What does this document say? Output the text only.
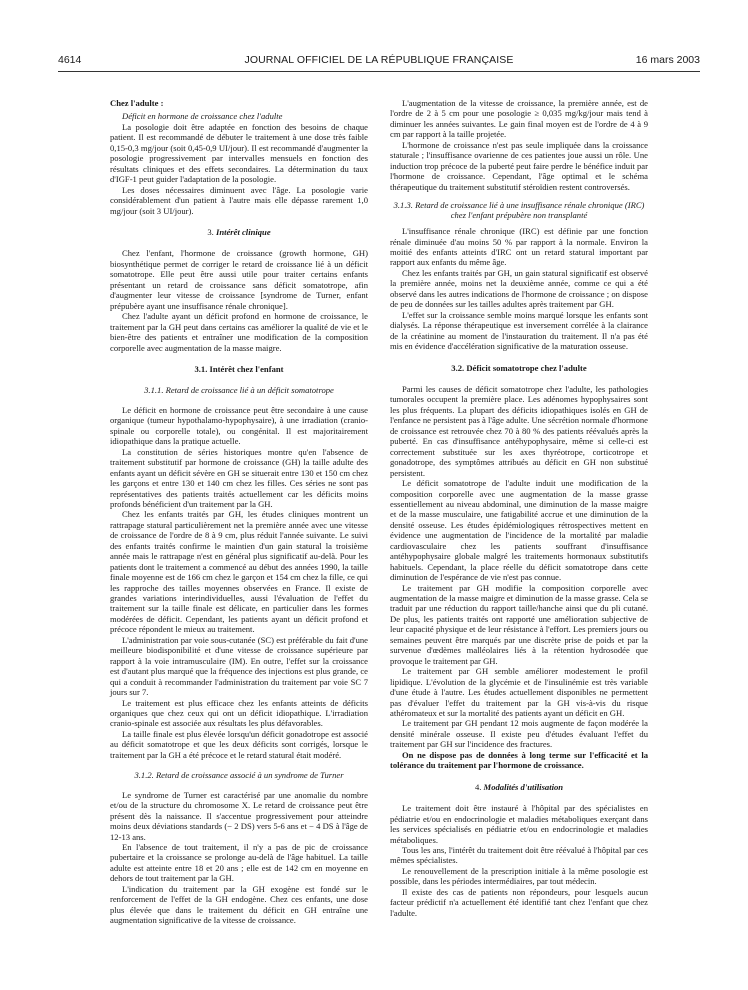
4614	JOURNAL OFFICIEL DE LA RÉPUBLIQUE FRANÇAISE	16 mars 2003

Chez l'adulte :

Déficit en hormone de croissance chez l'adulte

La posologie doit être adaptée en fonction des besoins de chaque patient. Il est recommandé de débuter le traitement à une dose très faible 0,15-0,3 mg/jour (soit 0,45-0,9 UI/jour). Il est recommandé d'augmenter la posologie progressivement par intervalles mensuels en fonction des résultats cliniques et des effets secondaires. La détermination du taux d'IGF-1 peut guider l'adaptation de la posologie.

Les doses nécessaires diminuent avec l'âge. La posologie varie considérablement d'un patient à l'autre mais elle dépasse rarement 1,0 mg/jour (soit 3 UI/jour).

3. Intérêt clinique

Chez l'enfant, l'hormone de croissance (growth hormone, GH) biosynthétique permet de corriger le retard de croissance lié à un déficit somatotrope. Elle peut être aussi utile pour traiter certains enfants présentant un retard de croissance sans déficit somatotrope, afin d'augmenter leur vitesse de croissance [syndrome de Turner, enfant prépubère ayant une insuffisance rénale chronique].

Chez l'adulte ayant un déficit profond en hormone de croissance, le traitement par la GH peut dans certains cas améliorer la qualité de vie et le bien-être des patients et entraîner une modification de la composition corporelle avec augmentation de la masse maigre.

3.1. Intérêt chez l'enfant

3.1.1. Retard de croissance lié à un déficit somatotrope

Le déficit en hormone de croissance peut être secondaire à une cause organique (tumeur hypothalamo-hypophysaire), à une irradiation (cranio-spinale ou corporelle totale), ou congénital. Il est majoritairement idiopathique dans la pratique actuelle.

La constitution de séries historiques montre qu'en l'absence de traitement substitutif par hormone de croissance (GH) la taille adulte des enfants ayant un déficit sévère en GH se situerait entre 130 et 150 cm chez les garçons et entre 130 et 140 cm chez les filles. Ces séries ne sont pas représentatives des patients traités actuellement car les déficits moins profonds bénéficient d'un traitement par la GH.

Chez les enfants traités par GH, les études cliniques montrent un rattrapage statural particulièrement net la première année avec une vitesse de croissance de l'ordre de 8 à 9 cm, plus réduit l'année suivante. Le suivi des enfants traités confirme le maintien d'un gain statural la troisième année mais le rattrapage n'est en général plus significatif au-delà. Pour les patients dont le traitement a commencé au début des années 1990, la taille finale moyenne est de 166 cm chez le garçon et 154 cm chez la fille, ce qui les rapproche des tailles moyennes observées en France. Il existe de grandes variations interindividuelles, aussi l'évaluation de l'effet du traitement sur la taille finale est délicate, en particulier dans les formes modérées de déficit. Cependant, les patients ayant un déficit profond et précoce répondent le mieux au traitement.

L'administration par voie sous-cutanée (SC) est préférable du fait d'une meilleure biodisponibilité et d'une vitesse de croissance supérieure par rapport à la voie intramusculaire (IM). En outre, l'effet sur la croissance est d'autant plus marqué que la fréquence des injections est plus grande, ce qui a conduit à recommander l'administration du traitement par voie SC 7 jours sur 7.

Le traitement est plus efficace chez les enfants atteints de déficits organiques que chez ceux qui ont un déficit idiopathique. L'irradiation cranio-spinale est associée aux résultats les plus défavorables.

La taille finale est plus élevée lorsqu'un déficit gonadotrope est associé au déficit somatotrope et que les deux déficits sont corrigés, lorsque le traitement par la GH a été précoce et le retard statural était modéré.

3.1.2. Retard de croissance associé à un syndrome de Turner

Le syndrome de Turner est caractérisé par une anomalie du nombre et/ou de la structure du chromosome X. Le retard de croissance peut être présent dès la naissance. Il s'accentue progressivement pour atteindre moins deux déviations standards (− 2 DS) vers 5-6 ans et − 4 DS à l'âge de 12-13 ans.

En l'absence de tout traitement, il n'y a pas de pic de croissance pubertaire et la croissance se prolonge au-delà de l'âge habituel. La taille adulte est atteinte entre 18 et 20 ans ; elle est de 142 cm en moyenne en dehors de tout traitement par la GH.

L'indication du traitement par la GH exogène est fondé sur le renforcement de l'effet de la GH endogène. Chez ces enfants, une dose plus élevée que dans le traitement du déficit en GH entraîne une augmentation significative de la vitesse de croissance.

L'augmentation de la vitesse de croissance, la première année, est de l'ordre de 2 à 5 cm pour une posologie ≥ 0,035 mg/kg/jour mais tend à diminuer les années suivantes. Le gain final moyen est de l'ordre de 4 à 9 cm par rapport à la taille projetée.

L'hormone de croissance n'est pas seule impliquée dans la croissance staturale ; l'insuffisance ovarienne de ces patientes joue aussi un rôle. Une induction trop précoce de la puberté peut faire perdre le bénéfice induit par l'hormone de croissance. Cependant, l'âge optimal et le schéma thérapeutique du traitement substitutif stéroïdien restent controversés.

3.1.3. Retard de croissance lié à une insuffisance rénale chronique (IRC) chez l'enfant prépubère non transplanté

L'insuffisance rénale chronique (IRC) est définie par une fonction rénale diminuée d'au moins 50 % par rapport à la normale. Environ la moitié des enfants atteints d'IRC ont un retard statural important par rapport aux enfants du même âge.

Chez les enfants traités par GH, un gain statural significatif est observé la première année, moins net la deuxième année, comme ce qui a été observé dans les autres indications de l'hormone de croissance ; on dispose de peu de données sur les tailles adultes après traitement par GH.

L'effet sur la croissance semble moins marqué lorsque les enfants sont dialysés. La réponse thérapeutique est inversement corrélée à la clairance de la créatinine au moment de l'instauration du traitement. Il n'a pas été mis en évidence d'accélération significative de la maturation osseuse.

3.2. Déficit somatotrope chez l'adulte

Parmi les causes de déficit somatotrope chez l'adulte, les pathologies tumorales occupent la première place. Les adénomes hypophysaires sont les plus fréquents. La plupart des déficits idiopathiques isolés en GH de l'enfance ne persistent pas à l'âge adulte. Une sécrétion normale d'hormone de croissance est retrouvée chez 70 à 80 % des patients réévalués après la puberté. En cas d'insuffisance antéhypophysaire, même si celle-ci est correctement substituée sur les axes thyréotrope, corticotrope et gonadotrope, des symptômes attribués au déficit en GH non substitué persistent.

Le déficit somatotrope de l'adulte induit une modification de la composition corporelle avec une augmentation de la masse grasse essentiellement au niveau abdominal, une diminution de la masse maigre et de la masse musculaire, une fatigabilité accrue et une diminution de la densité osseuse. Les études épidémiologiques rétrospectives mettent en évidence une augmentation de l'incidence de la mortalité par maladie cardiovasculaire chez les patients souffrant d'insuffisance antéhypophysaire globale malgré les traitements hormonaux substitutifs habituels. Cependant, la place réelle du déficit somatotrope dans cette diminution de l'espérance de vie n'est pas connue.

Le traitement par GH modifie la composition corporelle avec augmentation de la masse maigre et diminution de la masse grasse. Cela se traduit par une réduction du rapport taille/hanche ainsi que du pli cutané. De plus, les patients traités ont rapporté une amélioration subjective de leur capacité physique et de leur résistance à l'effort. Les premiers jours ou semaines peuvent être marqués par une discrète prise de poids et par la survenue d'œdèmes malléolaires liés à la rétention hydrosodée que provoque le traitement par GH.

Le traitement par GH semble améliorer modestement le profil lipidique. L'évolution de la glycémie et de l'insulinémie est très variable d'une étude à l'autre. Les études actuellement disponibles ne permettent pas d'évaluer l'effet du traitement par la GH vis-à-vis du risque athéromateux et sur la mortalité des patients ayant un déficit en GH.

Le traitement par GH pendant 12 mois augmente de façon modérée la densité minérale osseuse. Il existe peu d'études évaluant l'effet du traitement par GH sur l'incidence des fractures.

On ne dispose pas de données à long terme sur l'efficacité et la tolérance du traitement par l'hormone de croissance.

4. Modalités d'utilisation

Le traitement doit être instauré à l'hôpital par des spécialistes en pédiatrie et/ou en endocrinologie et maladies métaboliques exerçant dans les services spécialisés en pédiatrie et/ou en endocrinologie et maladies métaboliques.

Tous les ans, l'intérêt du traitement doit être réévalué à l'hôpital par ces mêmes spécialistes.

Le renouvellement de la prescription initiale à la même posologie est possible, dans les périodes intermédiaires, par tout médecin.

Il existe des cas de patients non répondeurs, pour lesquels aucun facteur prédictif n'a actuellement été identifié tant chez l'enfant que chez l'adulte.
